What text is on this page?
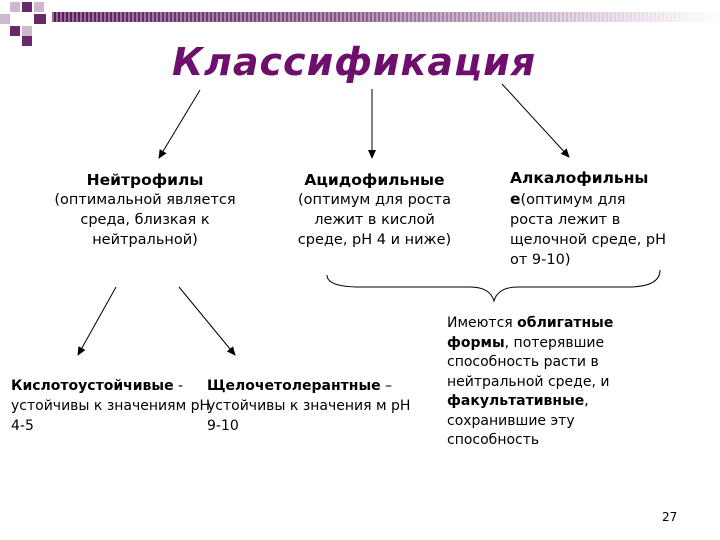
Классификация
Нейтрофилы
(оптимальной является среда, близкая к нейтральной)
Ацидофильные
(оптимум для роста лежит в кислой среде, рН 4 и ниже)
Алкалофильны
е(оптимум для роста лежит в щелочной среде, рН от 9-10)
Кислотоустойчивые -
устойчивы к значениям рН 4-5
Щелочетолерантные –
устойчивы к значения м рН 9-10
Имеются облигатные формы, потерявшие способность расти в нейтральной среде, и факультативные, сохранившие эту способность
27
